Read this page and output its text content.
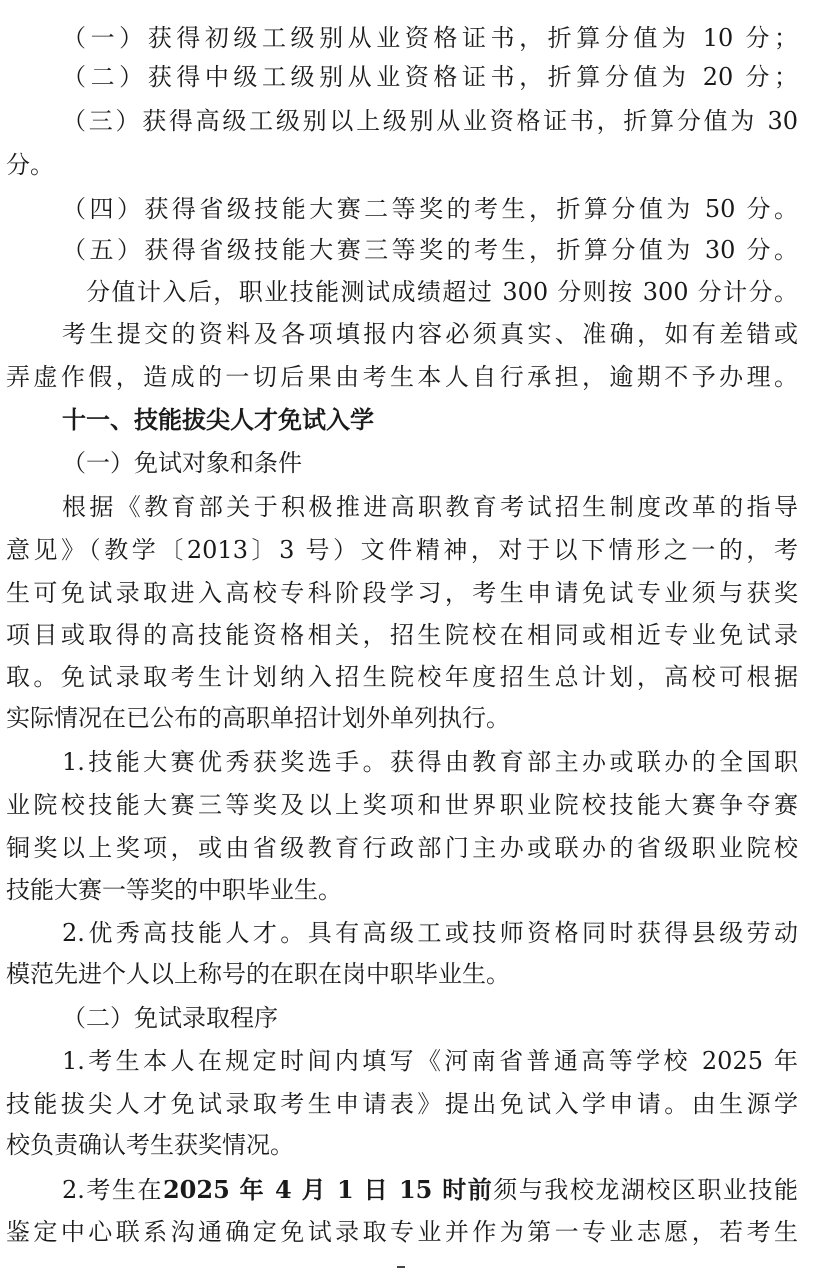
（一）获得初级工级别从业资格证书，折算分值为 10 分；
（二）获得中级工级别从业资格证书，折算分值为 20 分；
（三）获得高级工级别以上级别从业资格证书，折算分值为 30
分。
（四）获得省级技能大赛二等奖的考生，折算分值为 50 分。
（五）获得省级技能大赛三等奖的考生，折算分值为 30 分。
分值计入后，职业技能测试成绩超过 300 分则按 300 分计分。
考生提交的资料及各项填报内容必须真实、准确，如有差错或
弄虚作假，造成的一切后果由考生本人自行承担，逾期不予办理。
十一、技能拔尖人才免试入学
（一）免试对象和条件
根据《教育部关于积极推进高职教育考试招生制度改革的指导
意见》（教学〔2013〕3 号）文件精神，对于以下情形之一的，考
生可免试录取进入高校专科阶段学习，考生申请免试专业须与获奖
项目或取得的高技能资格相关，招生院校在相同或相近专业免试录
取。免试录取考生计划纳入招生院校年度招生总计划，高校可根据
实际情况在已公布的高职单招计划外单列执行。
1.技能大赛优秀获奖选手。获得由教育部主办或联办的全国职
业院校技能大赛三等奖及以上奖项和世界职业院校技能大赛争夺赛
铜奖以上奖项，或由省级教育行政部门主办或联办的省级职业院校
技能大赛一等奖的中职毕业生。
2.优秀高技能人才。具有高级工或技师资格同时获得县级劳动
模范先进个人以上称号的在职在岗中职毕业生。
（二）免试录取程序
1.考生本人在规定时间内填写《河南省普通高等学校 2025 年
技能拔尖人才免试录取考生申请表》提出免试入学申请。由生源学
校负责确认考生获奖情况。
2.考生在2025 年 4 月 1 日 15 时前须与我校龙湖校区职业技能
鉴定中心联系沟通确定免试录取专业并作为第一专业志愿，若考生
